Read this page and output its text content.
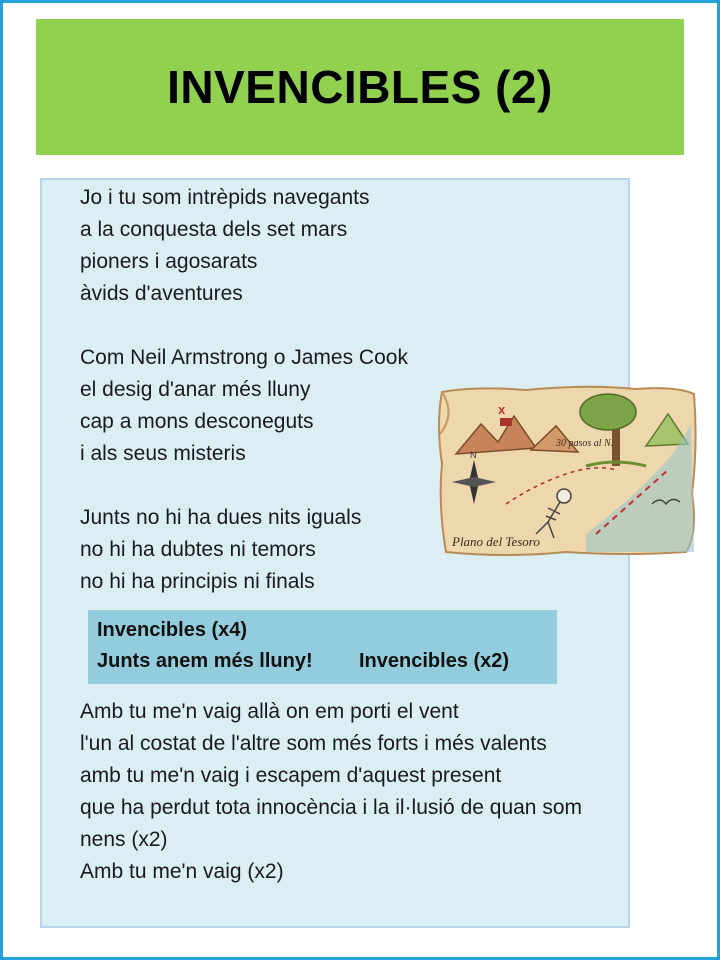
INVENCIBLES (2)
Jo i tu som intrèpids navegants
a la conquesta dels set mars
pioners i agosarats
àvids d'aventures
Com Neil Armstrong o James Cook
el desig d'anar més lluny
cap a mons desconeguts
i als seus misteris
Junts no hi ha dues nits iguals
no hi ha dubtes ni temors
no hi ha principis ni finals
Invencibles (x4)
Junts anem més lluny! Invencibles (x2)
Amb tu me'n vaig allà on em porti el vent
l'un al costat de l'altre som més forts i més valents
amb tu me'n vaig i escapem d'aquest present
que ha perdut tota innocència i la il·lusió de quan som nens (x2)
Amb tu me'n vaig (x2)
x
N
30 pasos al N.
Plano del Tesoro
